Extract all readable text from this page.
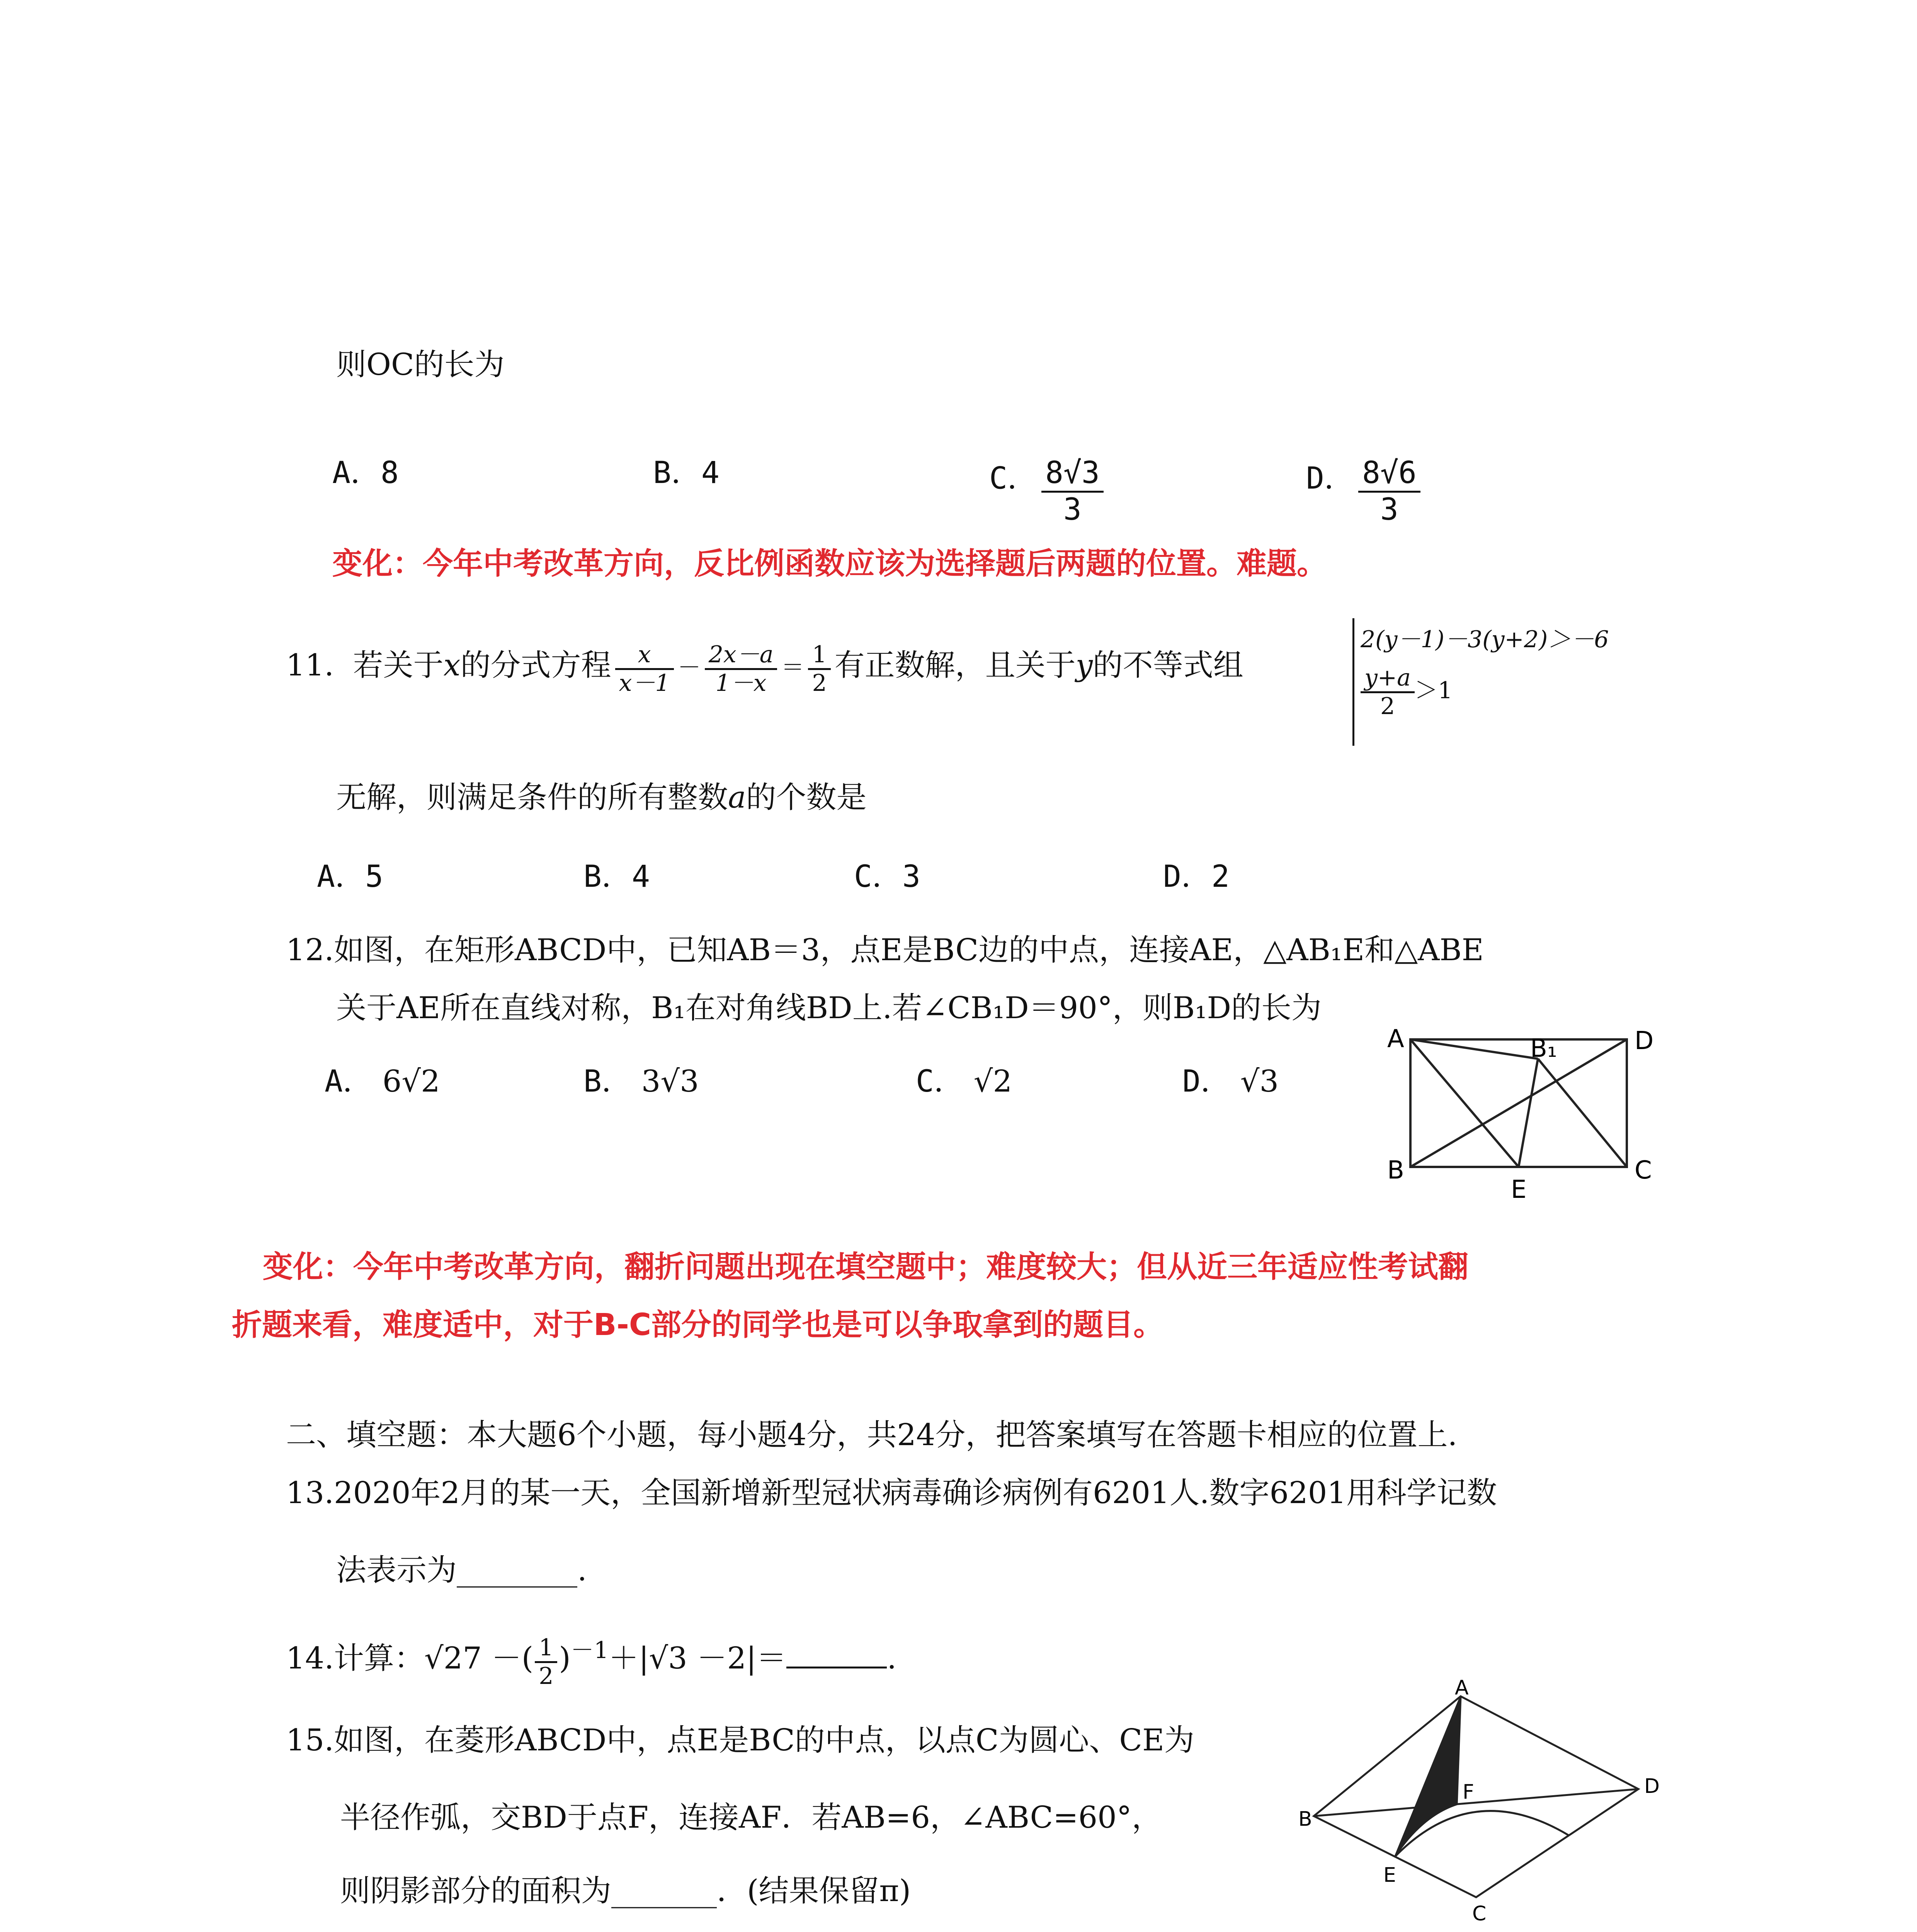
则OC的长为
A．8	B．4	C． $\frac{8√3}{3}$	D． $\frac{8√6}{3}$
变化：今年中考改革方向，反比例函数应该为选择题后两题的位置。难题。
11. 若关于x的分式方程 $\frac{x}{x-1} - \frac{2x-a}{1-x} = \frac{1}{2}$ 有正数解，且关于y的不等式组
2(y－1)－3(y+2)＞－6
$\frac{y+a}{2} >1$
无解，则满足条件的所有整数a的个数是
A．5	B．4	C．3	D．2
12.如图，在矩形ABCD中，已知AB＝3，点E是BC边的中点，连接AE，△AB₁E和△ABE
关于AE所在直线对称，B₁在对角线BD上.若∠CB₁D＝90°，则B₁D的长为
A． 6√2	B． 3√3	C． √2	D． √3
A	B₁	D
B
E
C
变化：今年中考改革方向，翻折问题出现在填空题中；难度较大；但从近三年适应性考试翻
折题来看，难度适中，对于B-C部分的同学也是可以争取拿到的题目。
二、填空题：本大题6个小题，每小题4分，共24分，把答案填写在答题卡相应的位置上.
13.2020年2月的某一天，全国新增新型冠状病毒确诊病例有6201人.数字6201用科学记数
法表示为________.
14.计算：√27 －( $\frac{1}{2} )^{-1}+|√3 -2|=$	.
15.如图，在菱形ABCD中，点E是BC的中点，以点C为圆心、CE为
半径作弧，交BD于点F，连接AF．若AB=6，∠ABC=60°，
则阴影部分的面积为_______．(结果保留π)
A
B
C
D
E
F
